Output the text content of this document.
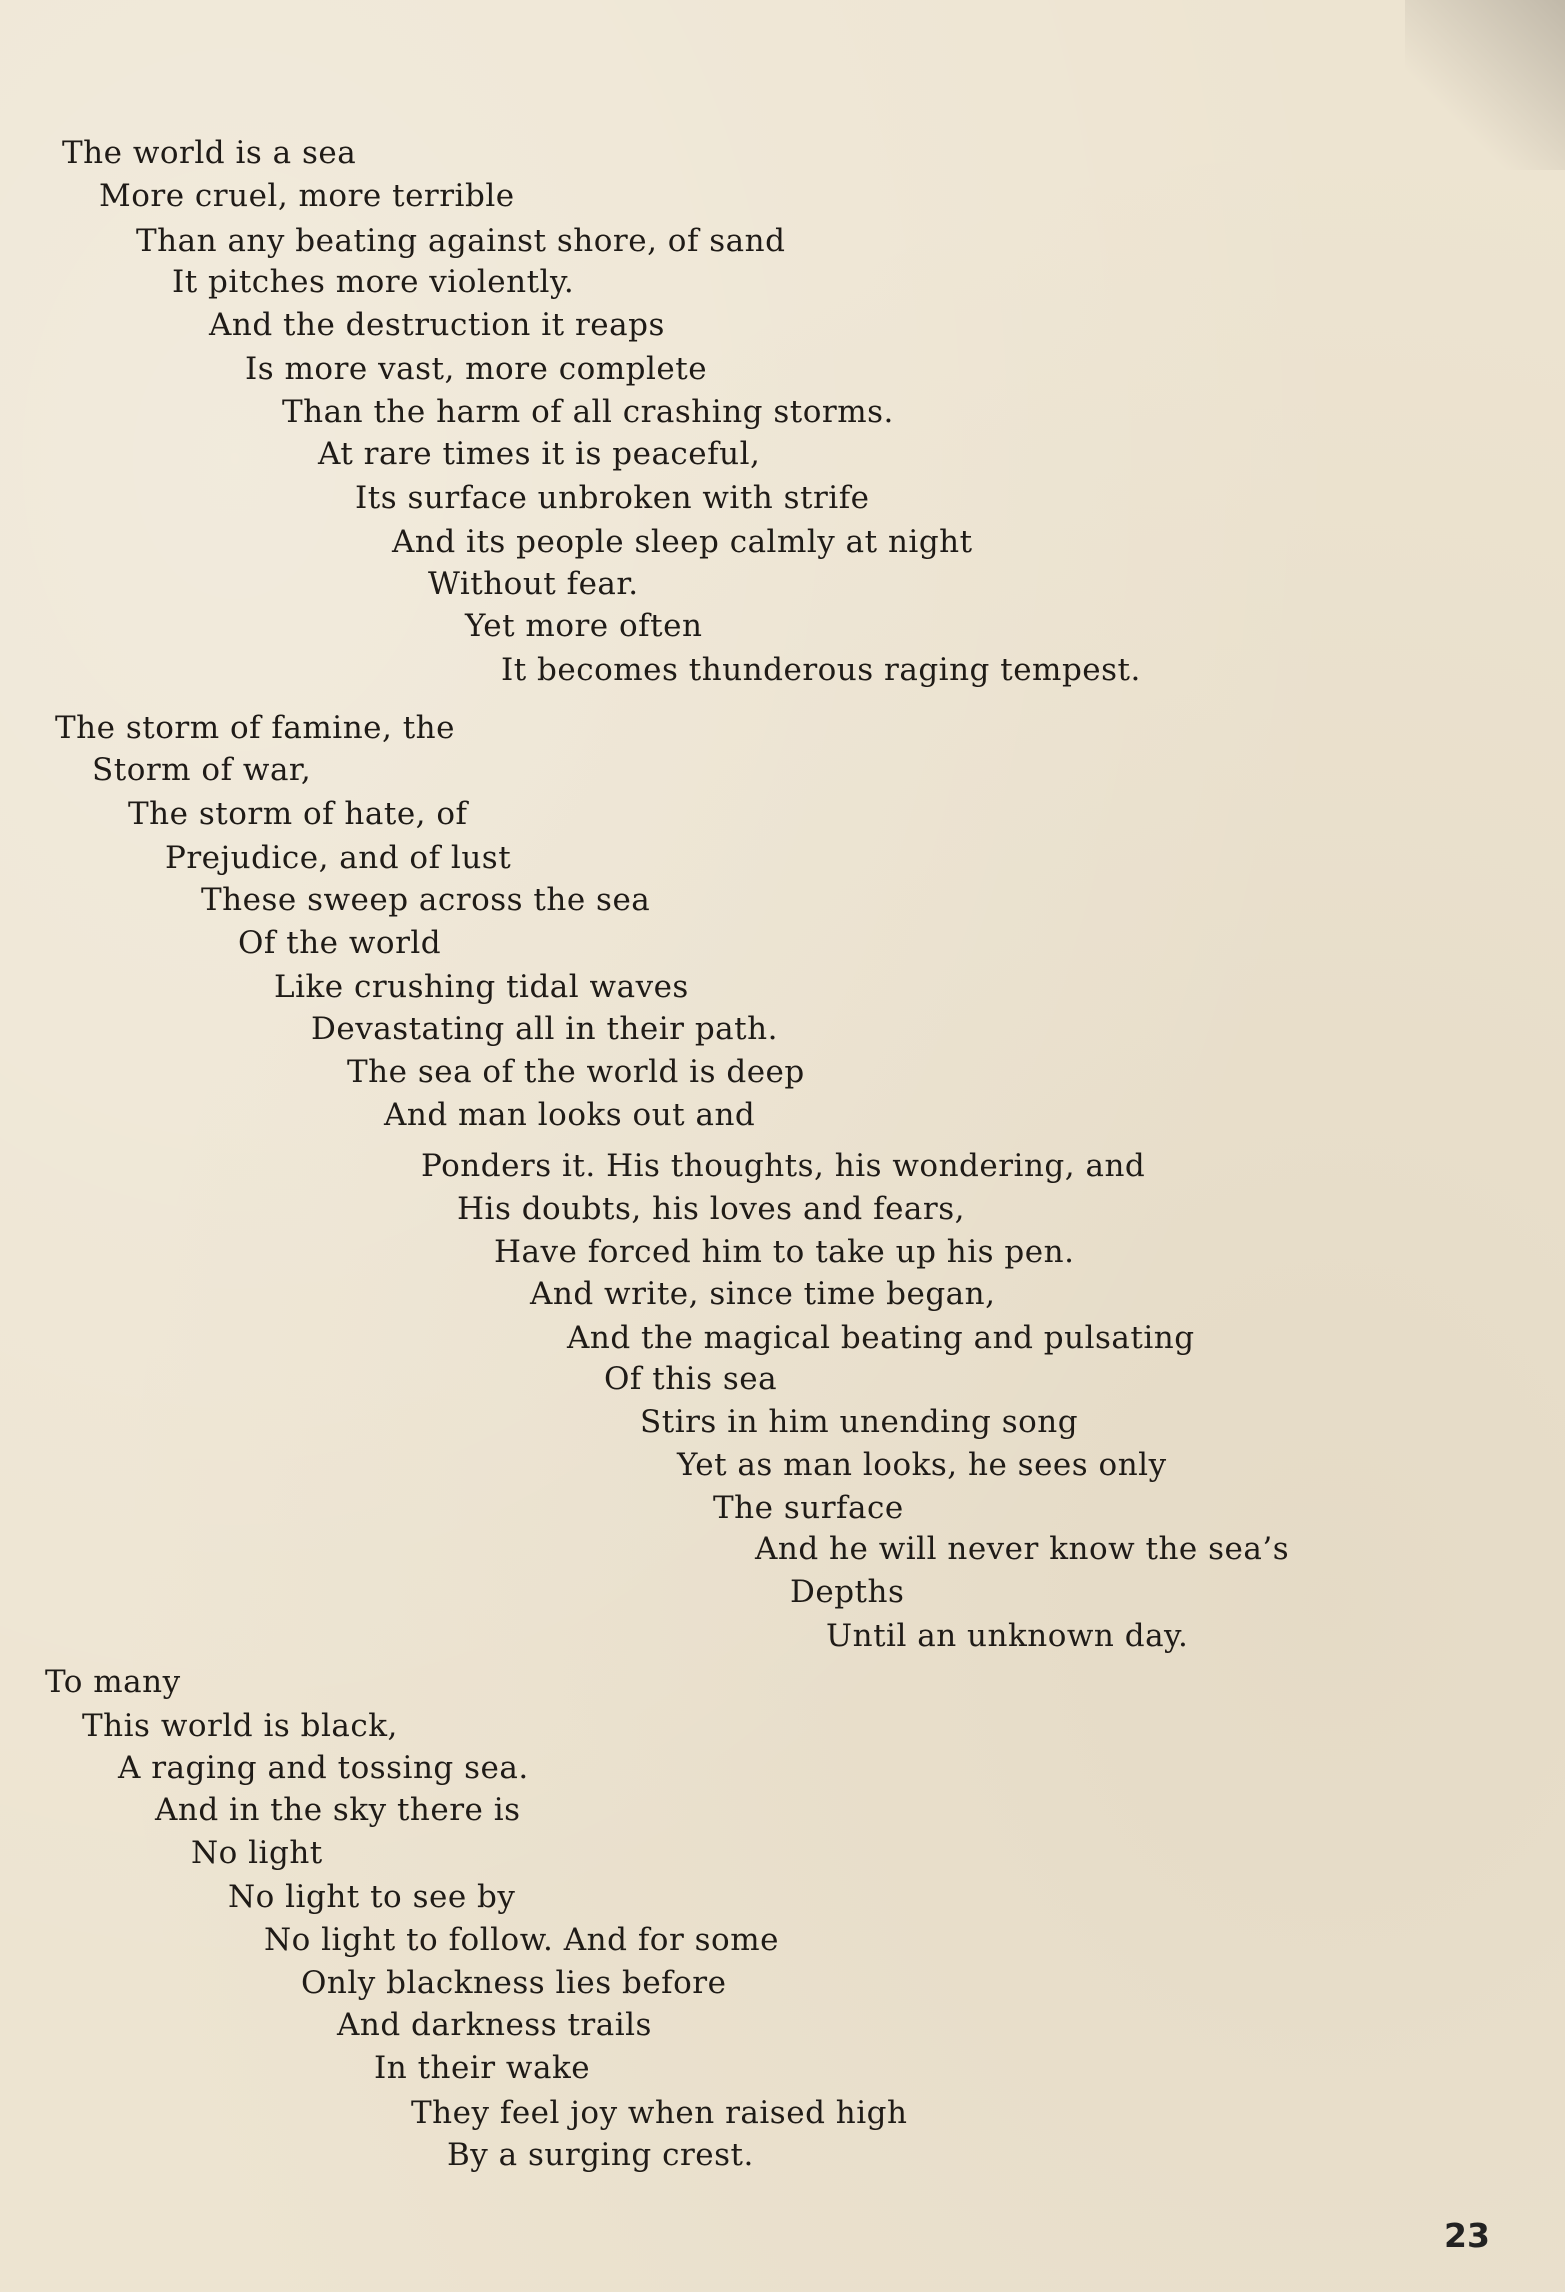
The world is a sea
More cruel, more terrible
Than any beating against shore, of sand
It pitches more violently.
And the destruction it reaps
Is more vast, more complete
Than the harm of all crashing storms.
At rare times it is peaceful,
Its surface unbroken with strife
And its people sleep calmly at night
Without fear.
Yet more often
It becomes thunderous raging tempest.
The storm of famine, the
Storm of war,
The storm of hate, of
Prejudice, and of lust
These sweep across the sea
Of the world
Like crushing tidal waves
Devastating all in their path.
The sea of the world is deep
And man looks out and
Ponders it. His thoughts, his wondering, and
His doubts, his loves and fears,
Have forced him to take up his pen.
And write, since time began,
And the magical beating and pulsating
Of this sea
Stirs in him unending song
Yet as man looks, he sees only
The surface
And he will never know the sea’s
Depths
Until an unknown day.
To many
This world is black,
A raging and tossing sea.
And in the sky there is
No light
No light to see by
No light to follow. And for some
Only blackness lies before
And darkness trails
In their wake
They feel joy when raised high
By a surging crest.
23
